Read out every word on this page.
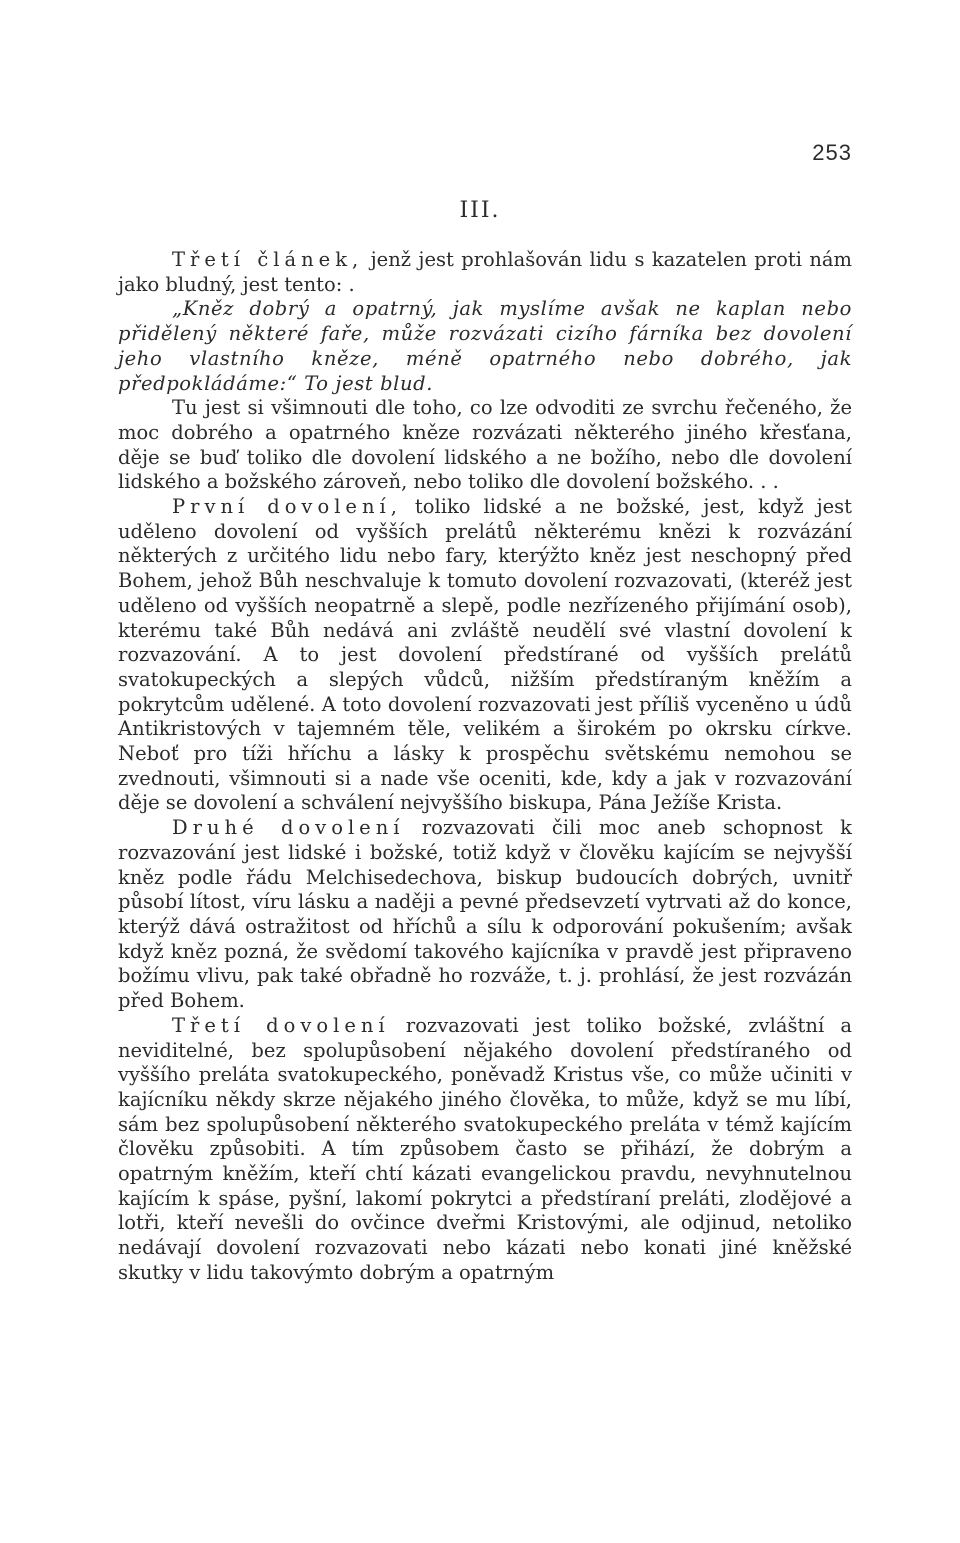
253
III.

Třetí článek, jenž jest prohlašován lidu s kazatelen proti nám jako bludný, jest tento: .

„Kněz dobrý a opatrný, jak myslíme avšak ne kaplan nebo přidělený některé faře, může rozvázati cizího fárníka bez dovolení jeho vlastního kněze, méně opatrného nebo dobrého, jak předpokládáme:“ To jest blud.

Tu jest si všimnouti dle toho, co lze odvoditi ze svrchu řečeného, že moc dobrého a opatrného kněze rozvázati některého jiného křesťana, děje se buď toliko dle dovolení lidského a ne božího, nebo dle dovolení lidského a božského zároveň, nebo toliko dle dovolení božského. . .

První dovolení, toliko lidské a ne božské, jest, když jest uděleno dovolení od vyšších prelátů některému knězi k rozvázání některých z určitého lidu nebo fary, kterýžto kněz jest neschopný před Bohem, jehož Bůh neschvaluje k tomuto dovolení rozvazovati, (kteréž jest uděleno od vyšších neopatrně a slepě, podle nezřízeného přijímání osob), kterému také Bůh nedává ani zvláště neudělí své vlastní dovolení k rozvazování. A to jest dovolení předstírané od vyšších prelátů svatokupeckých a slepých vůdců, nižším předstíraným kněžím a pokrytcům udělené. A toto dovolení rozvazovati jest příliš vyceněno u údů Antikristových v tajemném těle, velikém a širokém po okrsku církve. Neboť pro tíži hříchu a lásky k prospěchu světskému nemohou se zvednouti, všimnouti si a nade vše oceniti, kde, kdy a jak v rozvazování děje se dovolení a schválení nejvyššího biskupa, Pána Ježíše Krista.

Druhé dovolení rozvazovati čili moc aneb schopnost k rozvazování jest lidské i božské, totiž když v člověku kajícím se nejvyšší kněz podle řádu Melchisedechova, biskup budoucích dobrých, uvnitř působí lítost, víru lásku a naději a pevné předsevzetí vytrvati až do konce, kterýž dává ostražitost od hříchů a sílu k odporování pokušením; avšak když kněz pozná, že svědomí takového kajícníka v pravdě jest připraveno božímu vlivu, pak také obřadně ho rozváže, t. j. prohlásí, že jest rozvázán před Bohem.

Třetí dovolení rozvazovati jest toliko božské, zvláštní a neviditelné, bez spolupůsobení nějakého dovolení předstíraného od vyššího preláta svatokupeckého, poněvadž Kristus vše, co může učiniti v kajícníku někdy skrze nějakého jiného člověka, to může, když se mu líbí, sám bez spolupůsobení některého svatokupeckého preláta v témž kajícím člověku způsobiti. A tím způsobem často se přihází, že dobrým a opatrným kněžím, kteří chtí kázati evangelickou pravdu, nevyhnutelnou kajícím k spáse, pyšní, lakomí pokrytci a předstíraní preláti, zlodějové a lotři, kteří nevešli do ovčince dveřmi Kristovými, ale odjinud, netoliko nedávají dovolení rozvazovati nebo kázati nebo konati jiné kněžské skutky v lidu takovýmto dobrým a opatrným
